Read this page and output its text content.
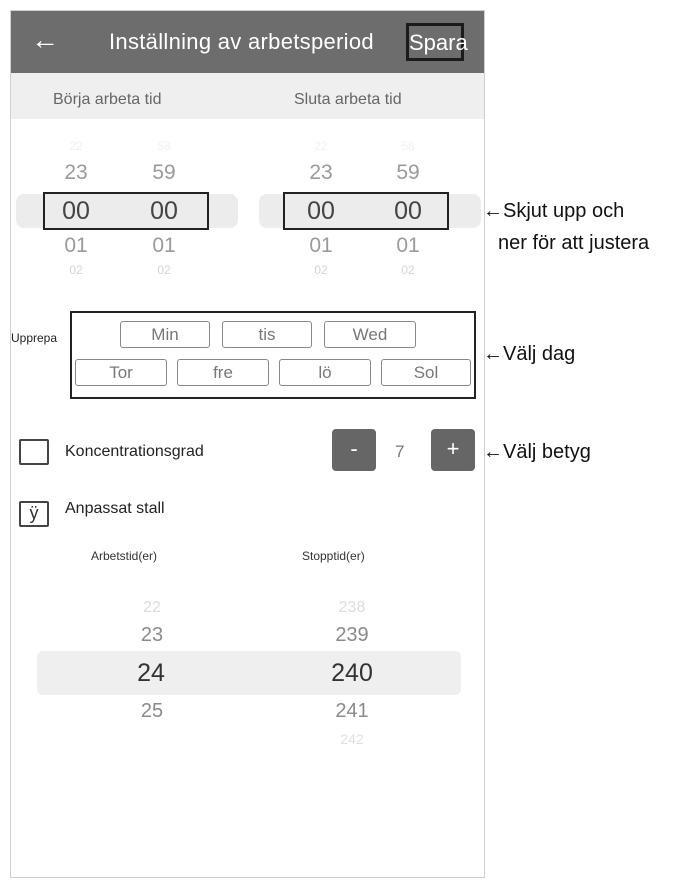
← Inställning av arbetsperiod Spara
Börja arbeta tid	Sluta arbeta tid
22
23
00
01
02
58
59
00
01
02
22
23
00
01
02
58
59
00
01
02
Upprepa	Min	tis	Wed
Tor	fre	lö	Sol
Koncentrationsgrad	-	7	+
ÿ	Anpassat stall
Arbetstid(er)	Stopptid(er)
22
23
24
25
238
239
240
241
242
← Skjut upp och
ner för att justera
← Välj dag
← Välj betyg
